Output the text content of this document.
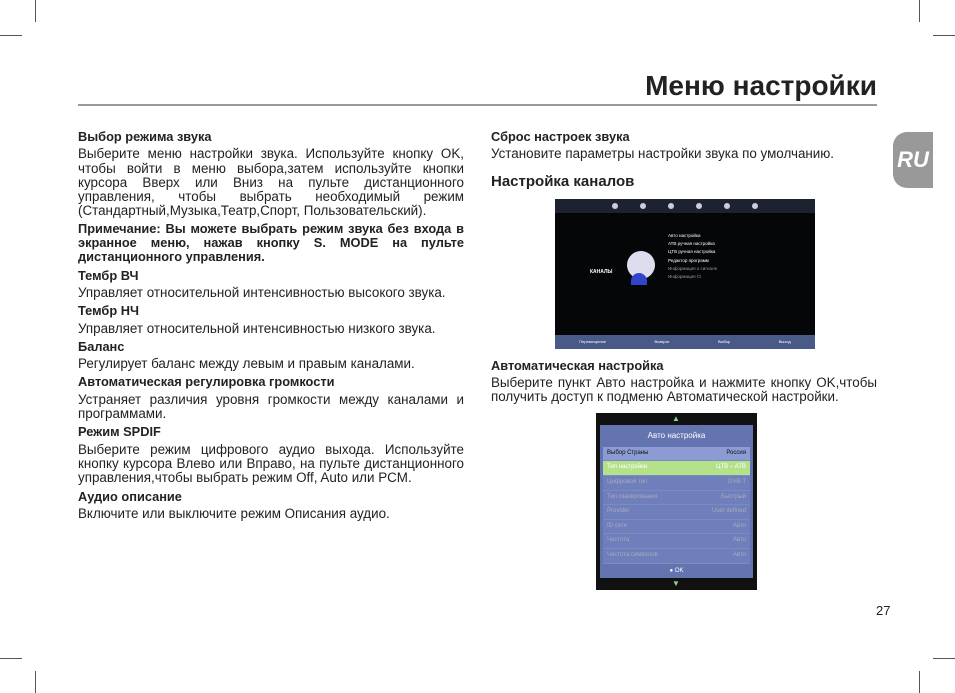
Меню настройки
RU
Выбор режима звука

Выберите меню настройки звука. Используйте кнопку OK, чтобы войти в меню выбора,затем используйте кнопки курсора Вверх или Вниз на пульте дистанционного управления, чтобы выбрать необходимый режим (Стандартный,Музыка,Театр,Спорт, Пользовательский).

Примечание: Вы можете выбрать режим звука без входа в экранное меню, нажав кнопку S. MODE на пульте дистанционного управления.

Тембр ВЧ

Управляет относительной интенсивностью высокого звука.

Тембр НЧ

Управляет относительной интенсивностью низкого звука.

Баланс

Регулирует баланс между левым и правым каналами.

Автоматическая регулировка громкости

Устраняет различия уровня громкости между каналами и программами.

Режим SPDIF

Выберите режим цифрового аудио выхода. Используйте кнопку курсора Влево или Вправо, на пульте дистанционного управления,чтобы выбрать режим Off, Auto или PCM.

Аудио описание

Включите или выключите режим Описания аудио.

Сброс настроек звука

Установите параметры настройки звука по умолчанию.

Настройка каналов
КАНАЛЫ
Авто настройка
АТВ ручная настройка
ЦТВ ручная настройка
Редактор программ
Информация о сигнале
Информация CI
Перемещение	Возврат	Выбор	Выход
Автоматическая настройка

Выберите пункт Авто настройка и нажмите кнопку OK,чтобы получить доступ к подменю Автоматической настройки.

▲
Авто настройка
Выбор Страны	Россия
Тип настройки	ЦТВ – АТВ
Цифровой тип	DVB-T
Тип сканирования	Быстрый
Provider	User defined
ID сети	Авто
Частота	Авто
Частота символов	Авто
● OK
▼
27
